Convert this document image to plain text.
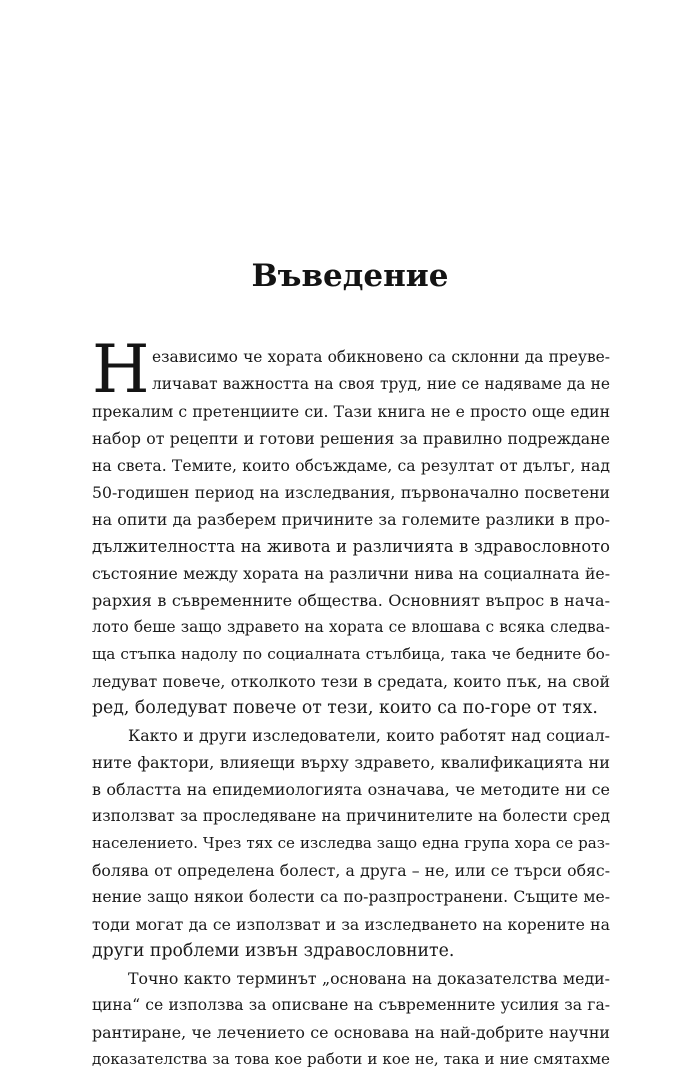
Въведение
Н езависимо че хората обикновено са склонни да преуве-
личават важността на своя труд, ние се надяваме да не
прекалим с претенциите си. Тази книга не е просто още един
набор от рецепти и готови решения за правилно подреждане
на света. Темите, които обсъждаме, са резултат от дълъг, над
50-годишен период на изследвания, първоначално посветени
на опити да разберем причините за големите разлики в про-
дължителността на живота и различията в здравословното
състояние между хората на различни нива на социалната йе-
рархия в съвременните общества. Основният въпрос в нача-
лото беше защо здравето на хората се влошава с всяка следва-
ща стъпка надолу по социалната стълбица, така че бедните бо-
ледуват повече, отколкото тези в средата, които пък, на свой
ред, боледуват повече от тези, които са по-горе от тях.
Както и други изследователи, които работят над социал-
ните фактори, влияещи върху здравето, квалификацията ни
в областта на епидемиологията означава, че методите ни се
използват за проследяване на причинителите на болести сред
населението. Чрез тях се изследва защо една група хора се раз-
болява от определена болест, а друга – не, или се търси обяс-
нение защо някои болести са по-разпространени. Същите ме-
тоди могат да се използват и за изследването на корените на
други проблеми извън здравословните.
Точно както терминът „основана на доказателства меди-
цина“ се използва за описване на съвременните усилия за га-
рантиране, че лечението се основава на най-добрите научни
доказателства за това кое работи и кое не, така и ние смятахме
